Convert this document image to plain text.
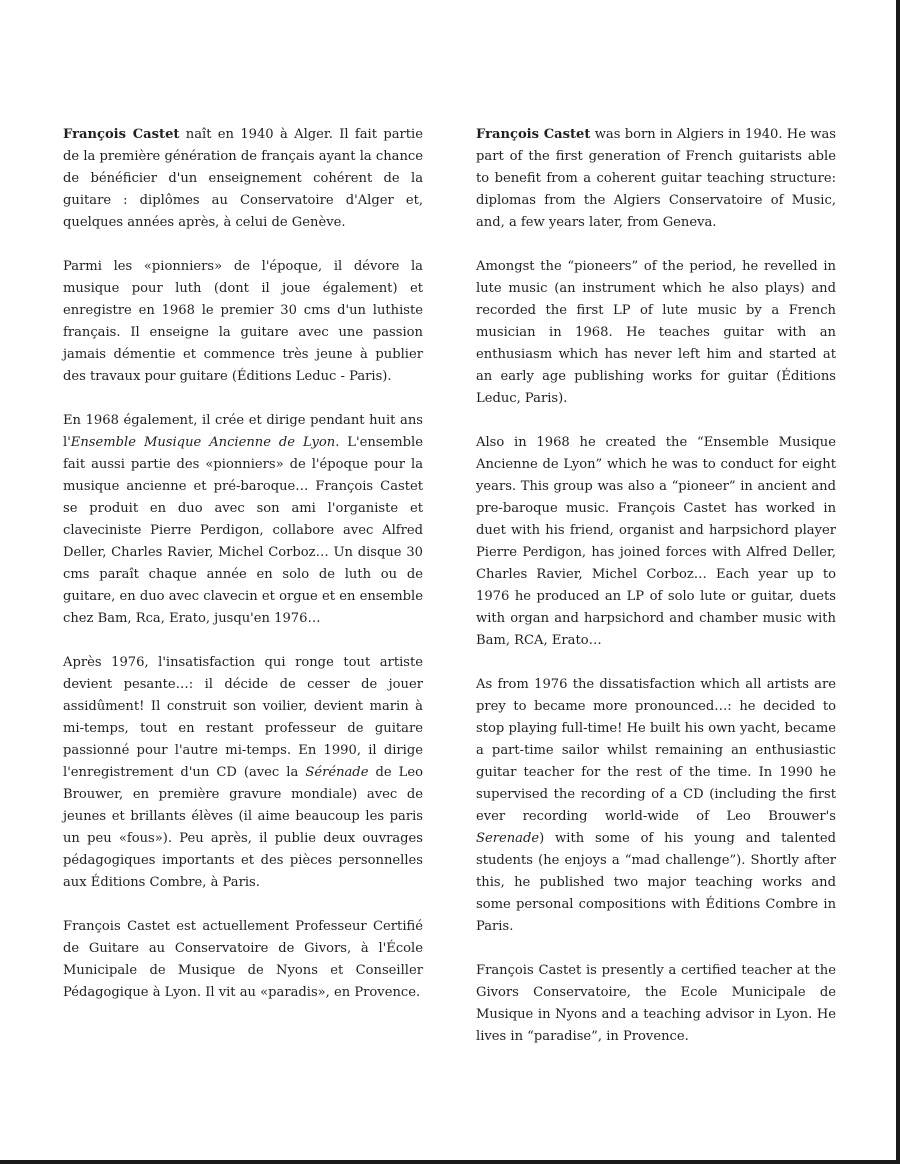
François Castet naît en 1940 à Alger. Il fait partie de la première génération de français ayant la chance de bénéficier d'un enseignement cohérent de la guitare : diplômes au Conservatoire d'Alger et, quelques années après, à celui de Genève.

Parmi les «pionniers» de l'époque, il dévore la musique pour luth (dont il joue également) et enregistre en 1968 le premier 30 cms d'un luthiste français. Il enseigne la guitare avec une passion jamais démentie et commence très jeune à publier des travaux pour guitare (Éditions Leduc - Paris).

En 1968 également, il crée et dirige pendant huit ans l'Ensemble Musique Ancienne de Lyon. L'ensemble fait aussi partie des «pionniers» de l'époque pour la musique ancienne et pré-baroque… François Castet se produit en duo avec son ami l'organiste et claveciniste Pierre Perdigon, collabore avec Alfred Deller, Charles Ravier, Michel Corboz… Un disque 30 cms paraît chaque année en solo de luth ou de guitare, en duo avec clavecin et orgue et en ensemble chez Bam, Rca, Erato, jusqu'en 1976…

Après 1976, l'insatisfaction qui ronge tout artiste devient pesante…: il décide de cesser de jouer assidûment! Il construit son voilier, devient marin à mi-temps, tout en restant professeur de guitare passionné pour l'autre mi-temps. En 1990, il dirige l'enregistrement d'un CD (avec la Sérénade de Leo Brouwer, en première gravure mondiale) avec de jeunes et brillants élèves (il aime beaucoup les paris un peu «fous»). Peu après, il publie deux ouvrages pédagogiques importants et des pièces personnelles aux Éditions Combre, à Paris.

François Castet est actuellement Professeur Certifié de Guitare au Conservatoire de Givors, à l'École Municipale de Musique de Nyons et Conseiller Pédagogique à Lyon. Il vit au «paradis», en Provence.

François Castet was born in Algiers in 1940. He was part of the first generation of French guitarists able to benefit from a coherent guitar teaching structure: diplomas from the Algiers Conservatoire of Music, and, a few years later, from Geneva.

Amongst the “pioneers” of the period, he revelled in lute music (an instrument which he also plays) and recorded the first LP of lute music by a French musician in 1968. He teaches guitar with an enthusiasm which has never left him and started at an early age publishing works for guitar (Éditions Leduc, Paris).

Also in 1968 he created the “Ensemble Musique Ancienne de Lyon” which he was to conduct for eight years. This group was also a “pioneer” in ancient and pre-baroque music. François Castet has worked in duet with his friend, organist and harpsichord player Pierre Perdigon, has joined forces with Alfred Deller, Charles Ravier, Michel Corboz… Each year up to 1976 he produced an LP of solo lute or guitar, duets with organ and harpsichord and chamber music with Bam, RCA, Erato…

As from 1976 the dissatisfaction which all artists are prey to became more pronounced…: he decided to stop playing full-time! He built his own yacht, became a part-time sailor whilst remaining an enthusiastic guitar teacher for the rest of the time. In 1990 he supervised the recording of a CD (including the first ever recording world-wide of Leo Brouwer's Serenade) with some of his young and talented students (he enjoys a “mad challenge”). Shortly after this, he published two major teaching works and some personal compositions with Éditions Combre in Paris.

François Castet is presently a certified teacher at the Givors Conservatoire, the Ecole Municipale de Musique in Nyons and a teaching advisor in Lyon. He lives in “paradise”, in Provence.
